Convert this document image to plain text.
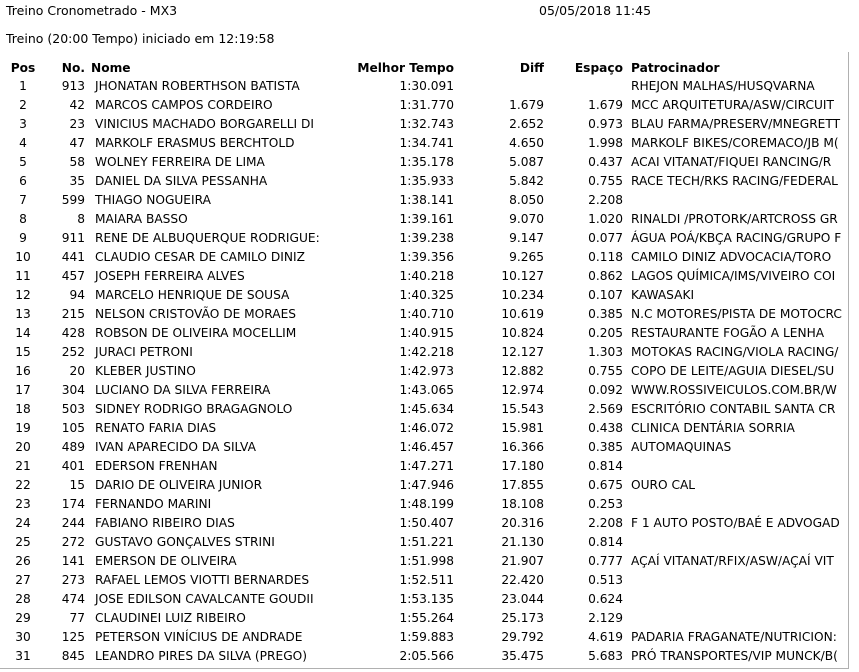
Treino Cronometrado - MX3	05/05/2018 11:45
Treino (20:00 Tempo) iniciado em 12:19:58
Pos	No.	Nome	Melhor Tempo	Diff	Espaço	Patrocinador
1	913	JHONATAN ROBERTHSON BATISTA	1:30.091			RHEJON MALHAS/HUSQVARNA
2	42	MARCOS CAMPOS CORDEIRO	1:31.770	1.679	1.679	MCC ARQUITETURA/ASW/CIRCUIT
3	23	VINICIUS MACHADO BORGARELLI DI	1:32.743	2.652	0.973	BLAU FARMA/PRESERV/MNEGRETT
4	47	MARKOLF ERASMUS BERCHTOLD	1:34.741	4.650	1.998	MARKOLF BIKES/COREMACO/JB M(
5	58	WOLNEY FERREIRA DE LIMA	1:35.178	5.087	0.437	ACAI VITANAT/FIQUEI RANCING/R
6	35	DANIEL DA SILVA PESSANHA	1:35.933	5.842	0.755	RACE TECH/RKS RACING/FEDERAL
7	599	THIAGO NOGUEIRA	1:38.141	8.050	2.208	
8	8	MAIARA BASSO	1:39.161	9.070	1.020	RINALDI /PROTORK/ARTCROSS GR
9	911	RENE DE ALBUQUERQUE RODRIGUE:	1:39.238	9.147	0.077	ÁGUA POÁ/KBÇA RACING/GRUPO F
10	441	CLAUDIO CESAR DE CAMILO DINIZ	1:39.356	9.265	0.118	CAMILO DINIZ ADVOCACIA/TORO
11	457	JOSEPH FERREIRA ALVES	1:40.218	10.127	0.862	LAGOS QUÍMICA/IMS/VIVEIRO COI
12	94	MARCELO HENRIQUE DE SOUSA	1:40.325	10.234	0.107	KAWASAKI
13	215	NELSON CRISTOVÃO DE MORAES	1:40.710	10.619	0.385	N.C MOTORES/PISTA DE MOTOCRC
14	428	ROBSON DE OLIVEIRA MOCELLIM	1:40.915	10.824	0.205	RESTAURANTE FOGÃO A LENHA
15	252	JURACI PETRONI	1:42.218	12.127	1.303	MOTOKAS RACING/VIOLA RACING/
16	20	KLEBER JUSTINO	1:42.973	12.882	0.755	COPO DE LEITE/AGUIA DIESEL/SU
17	304	LUCIANO DA SILVA FERREIRA	1:43.065	12.974	0.092	WWW.ROSSIVEICULOS.COM.BR/W
18	503	SIDNEY RODRIGO BRAGAGNOLO	1:45.634	15.543	2.569	ESCRITÓRIO CONTABIL SANTA CR
19	105	RENATO FARIA DIAS	1:46.072	15.981	0.438	CLINICA DENTÁRIA SORRIA
20	489	IVAN APARECIDO DA SILVA	1:46.457	16.366	0.385	AUTOMAQUINAS
21	401	EDERSON FRENHAN	1:47.271	17.180	0.814	
22	15	DARIO DE OLIVEIRA JUNIOR	1:47.946	17.855	0.675	OURO CAL
23	174	FERNANDO MARINI	1:48.199	18.108	0.253	
24	244	FABIANO RIBEIRO DIAS	1:50.407	20.316	2.208	F 1 AUTO POSTO/BAÉ E ADVOGAD
25	272	GUSTAVO GONÇALVES STRINI	1:51.221	21.130	0.814	
26	141	EMERSON DE OLIVEIRA	1:51.998	21.907	0.777	AÇAÍ VITANAT/RFIX/ASW/AÇAÍ VIT
27	273	RAFAEL LEMOS VIOTTI BERNARDES	1:52.511	22.420	0.513	
28	474	JOSE EDILSON CAVALCANTE GOUDII	1:53.135	23.044	0.624	
29	77	CLAUDINEI LUIZ RIBEIRO	1:55.264	25.173	2.129	
30	125	PETERSON VINÍCIUS DE ANDRADE	1:59.883	29.792	4.619	PADARIA FRAGANATE/NUTRICION:
31	845	LEANDRO PIRES DA SILVA (PREGO)	2:05.566	35.475	5.683	PRÓ TRANSPORTES/VIP MUNCK/B(
